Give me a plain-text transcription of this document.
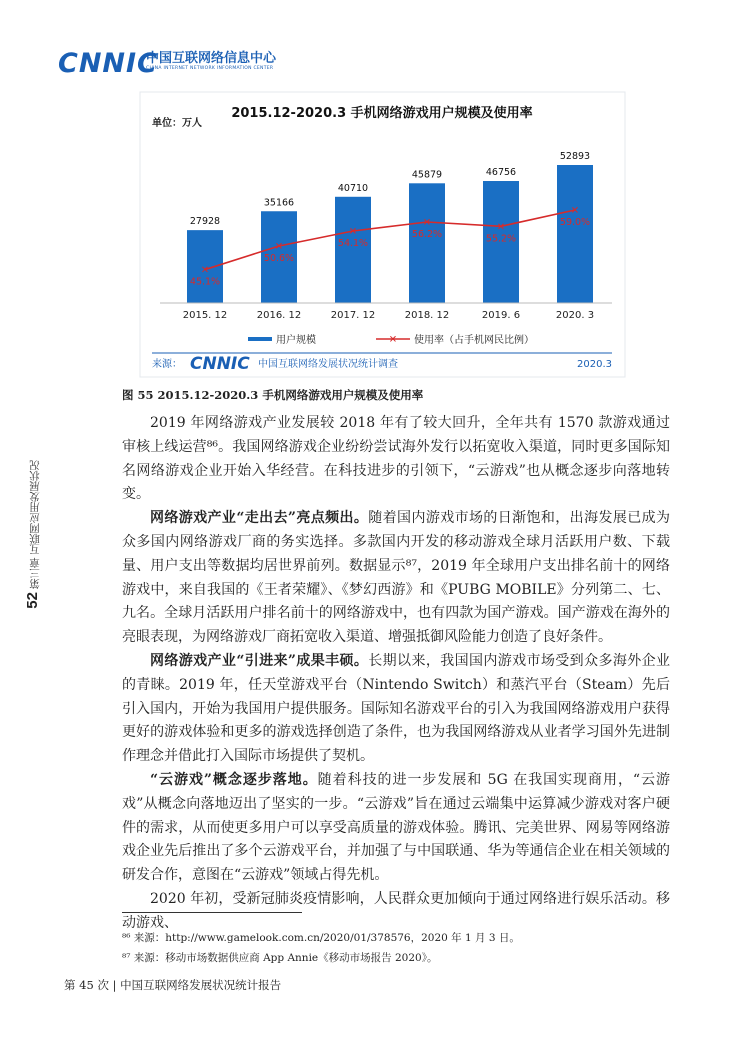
CNNIC
中国互联网络信息中心
CHINA INTERNET NETWORK INFORMATION CENTER
2015.12-2020.3 手机网络游戏用户规模及使用率
单位：万人
27928
35166
40710
45879	46756
52893
✕
45.1%
✕
50.6%
✕
54.1%
✕
56.2%
✕
55.2%
✕
59.0%
2015. 12	2016. 12	2017. 12	2018. 12	2019. 6	2020. 3
用户规模	✕ 使用率（占手机网民比例）
来源： CNNIC 中国互联网络发展状况统计调查	2020.3
图 55 2015.12-2020.3 手机网络游戏用户规模及使用率

2019 年网络游戏产业发展较 2018 年有了较大回升，全年共有 1570 款游戏通过审核上线运营⁸⁶。我国网络游戏企业纷纷尝试海外发行以拓宽收入渠道，同时更多国际知名网络游戏企业开始入华经营。在科技进步的引领下，“云游戏”也从概念逐步向落地转变。

网络游戏产业“走出去”亮点频出。随着国内游戏市场的日渐饱和，出海发展已成为众多国内网络游戏厂商的务实选择。多款国内开发的移动游戏全球月活跃用户数、下载量、用户支出等数据均居世界前列。数据显示⁸⁷，2019 年全球用户支出排名前十的网络游戏中，来自我国的《王者荣耀》、《梦幻西游》和《PUBG MOBILE》分列第二、七、九名。全球月活跃用户排名前十的网络游戏中，也有四款为国产游戏。国产游戏在海外的亮眼表现，为网络游戏厂商拓宽收入渠道、增强抵御风险能力创造了良好条件。

网络游戏产业“引进来”成果丰硕。长期以来，我国国内游戏市场受到众多海外企业的青睐。2019 年，任天堂游戏平台（Nintendo Switch）和蒸汽平台（Steam）先后引入国内，开始为我国用户提供服务。国际知名游戏平台的引入为我国网络游戏用户获得更好的游戏体验和更多的游戏选择创造了条件，也为我国网络游戏从业者学习国外先进制作理念并借此打入国际市场提供了契机。

“云游戏”概念逐步落地。随着科技的进一步发展和 5G 在我国实现商用，“云游戏”从概念向落地迈出了坚实的一步。“云游戏”旨在通过云端集中运算减少游戏对客户硬件的需求，从而使更多用户可以享受高质量的游戏体验。腾讯、完美世界、网易等网络游戏企业先后推出了多个云游戏平台，并加强了与中国联通、华为等通信企业在相关领域的研发合作，意图在“云游戏”领域占得先机。

2020 年初，受新冠肺炎疫情影响，人民群众更加倾向于通过网络进行娱乐活动。移动游戏、

52
第三章 互联网应用发展状况
⁸⁶ 来源：http://www.gamelook.com.cn/2020/01/378576，2020 年 1 月 3 日。
⁸⁷ 来源：移动市场数据供应商 App Annie《移动市场报告 2020》。
第 45 次 | 中国互联网络发展状况统计报告
